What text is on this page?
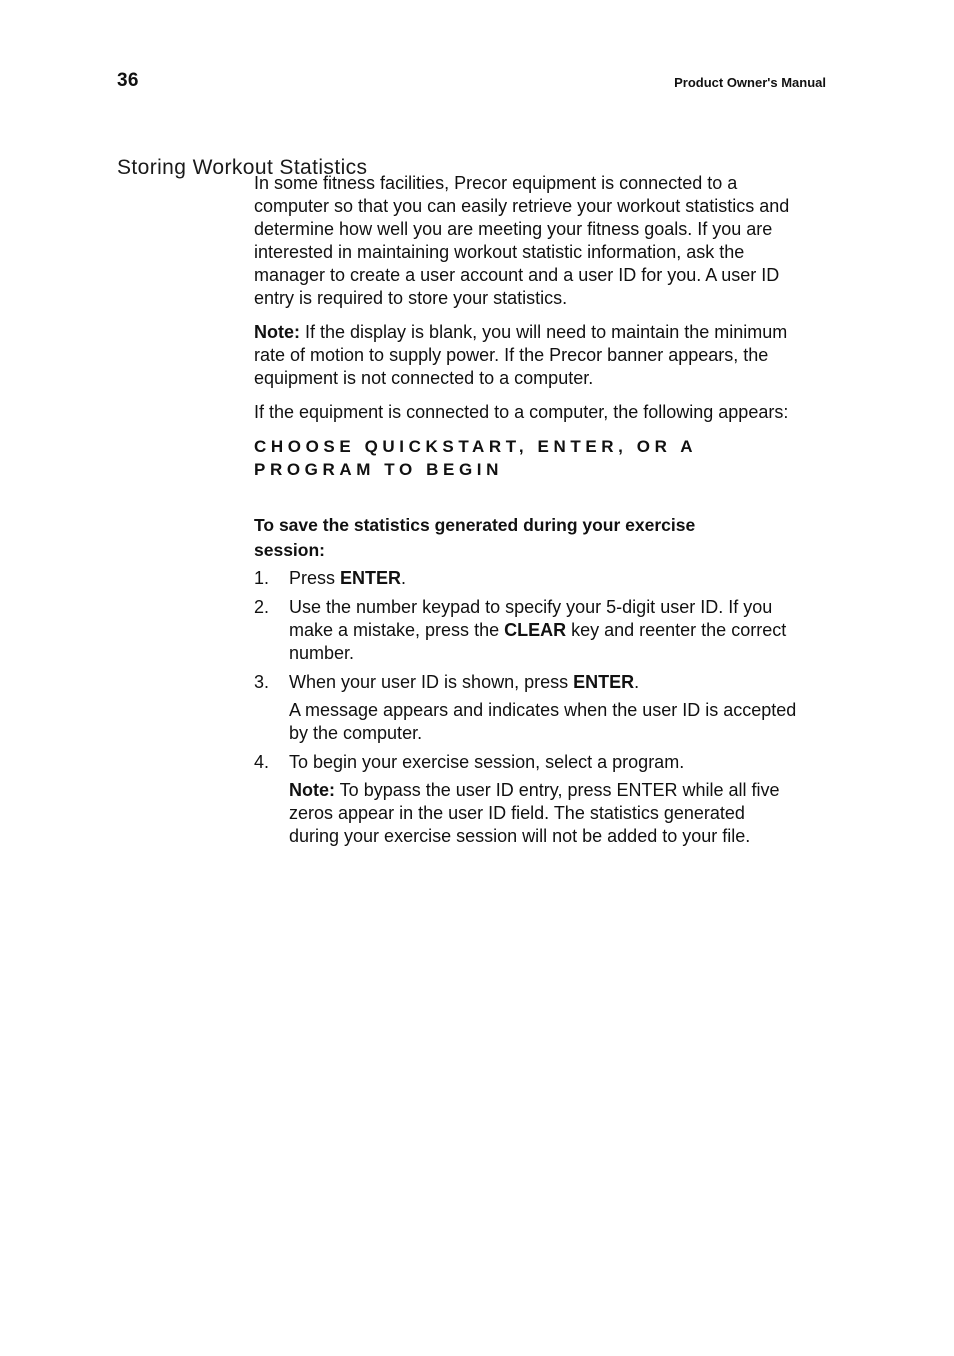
36	Product Owner's Manual
Storing Workout Statistics

In some fitness facilities, Precor equipment is connected to a computer so that you can easily retrieve your workout statistics and determine how well you are meeting your fitness goals. If you are interested in maintaining workout statistic information, ask the manager to create a user account and a user ID for you. A user ID entry is required to store your statistics.

Note: If the display is blank, you will need to maintain the minimum rate of motion to supply power. If the Precor banner appears, the equipment is not connected to a computer.

If the equipment is connected to a computer, the following appears:

CHOOSE QUICKSTART, ENTER, OR A
PROGRAM TO BEGIN
To save the statistics generated during your exercise session:
1. Press ENTER.
2. Use the number keypad to specify your 5-digit user ID. If you make a mistake, press the CLEAR key and reenter the correct number.
3. When your user ID is shown, press ENTER.
A message appears and indicates when the user ID is accepted by the computer.
4. To begin your exercise session, select a program.
Note: To bypass the user ID entry, press ENTER while all five zeros appear in the user ID field. The statistics generated during your exercise session will not be added to your file.
